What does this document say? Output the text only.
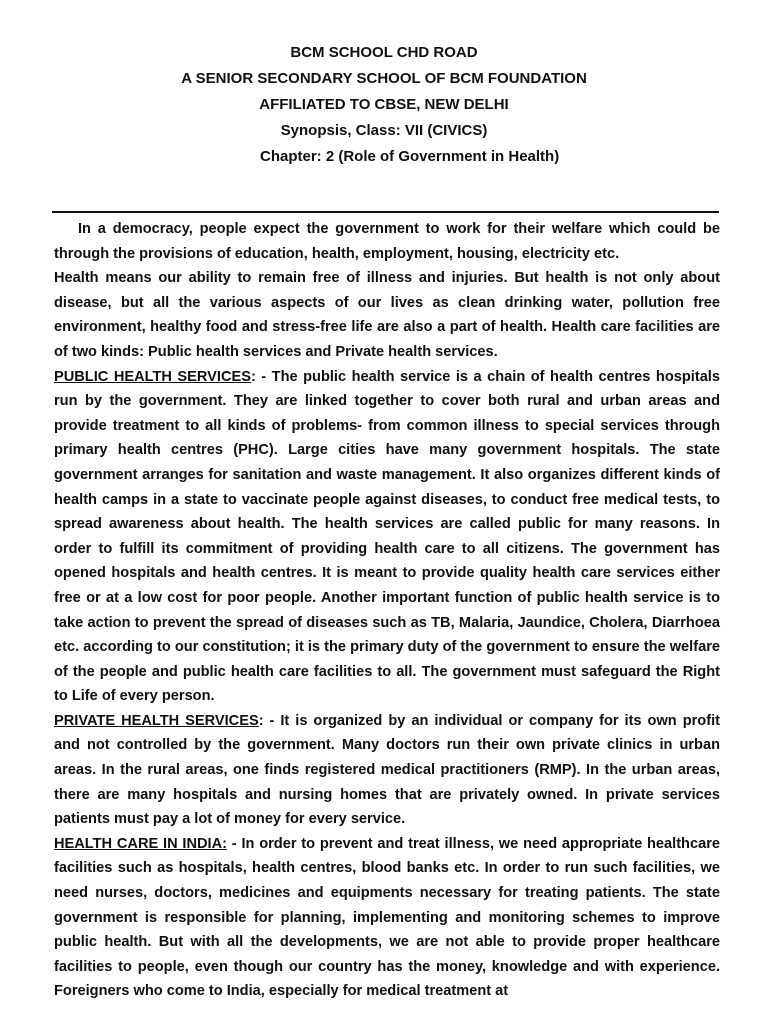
BCM SCHOOL CHD ROAD
A SENIOR SECONDARY SCHOOL OF BCM FOUNDATION
AFFILIATED TO CBSE, NEW DELHI
Synopsis, Class: VII (CIVICS)
Chapter: 2 (Role of Government in Health)

In a democracy, people expect the government to work for their welfare which could be through the provisions of education, health, employment, housing, electricity etc.

Health means our ability to remain free of illness and injuries. But health is not only about disease, but all the various aspects of our lives as clean drinking water, pollution free environment, healthy food and stress-free life are also a part of health. Health care facilities are of two kinds: Public health services and Private health services.

PUBLIC HEALTH SERVICES: - The public health service is a chain of health centres hospitals run by the government. They are linked together to cover both rural and urban areas and provide treatment to all kinds of problems- from common illness to special services through primary health centres (PHC). Large cities have many government hospitals. The state government arranges for sanitation and waste management. It also organizes different kinds of health camps in a state to vaccinate people against diseases, to conduct free medical tests, to spread awareness about health. The health services are called public for many reasons. In order to fulfill its commitment of providing health care to all citizens. The government has opened hospitals and health centres. It is meant to provide quality health care services either free or at a low cost for poor people. Another important function of public health service is to take action to prevent the spread of diseases such as TB, Malaria, Jaundice, Cholera, Diarrhoea etc. according to our constitution; it is the primary duty of the government to ensure the welfare of the people and public health care facilities to all. The government must safeguard the Right to Life of every person.

PRIVATE HEALTH SERVICES: - It is organized by an individual or company for its own profit and not controlled by the government. Many doctors run their own private clinics in urban areas. In the rural areas, one finds registered medical practitioners (RMP). In the urban areas, there are many hospitals and nursing homes that are privately owned. In private services patients must pay a lot of money for every service.

HEALTH CARE IN INDIA: - In order to prevent and treat illness, we need appropriate healthcare facilities such as hospitals, health centres, blood banks etc. In order to run such facilities, we need nurses, doctors, medicines and equipments necessary for treating patients. The state government is responsible for planning, implementing and monitoring schemes to improve public health. But with all the developments, we are not able to provide proper healthcare facilities to people, even though our country has the money, knowledge and with experience. Foreigners who come to India, especially for medical treatment at
